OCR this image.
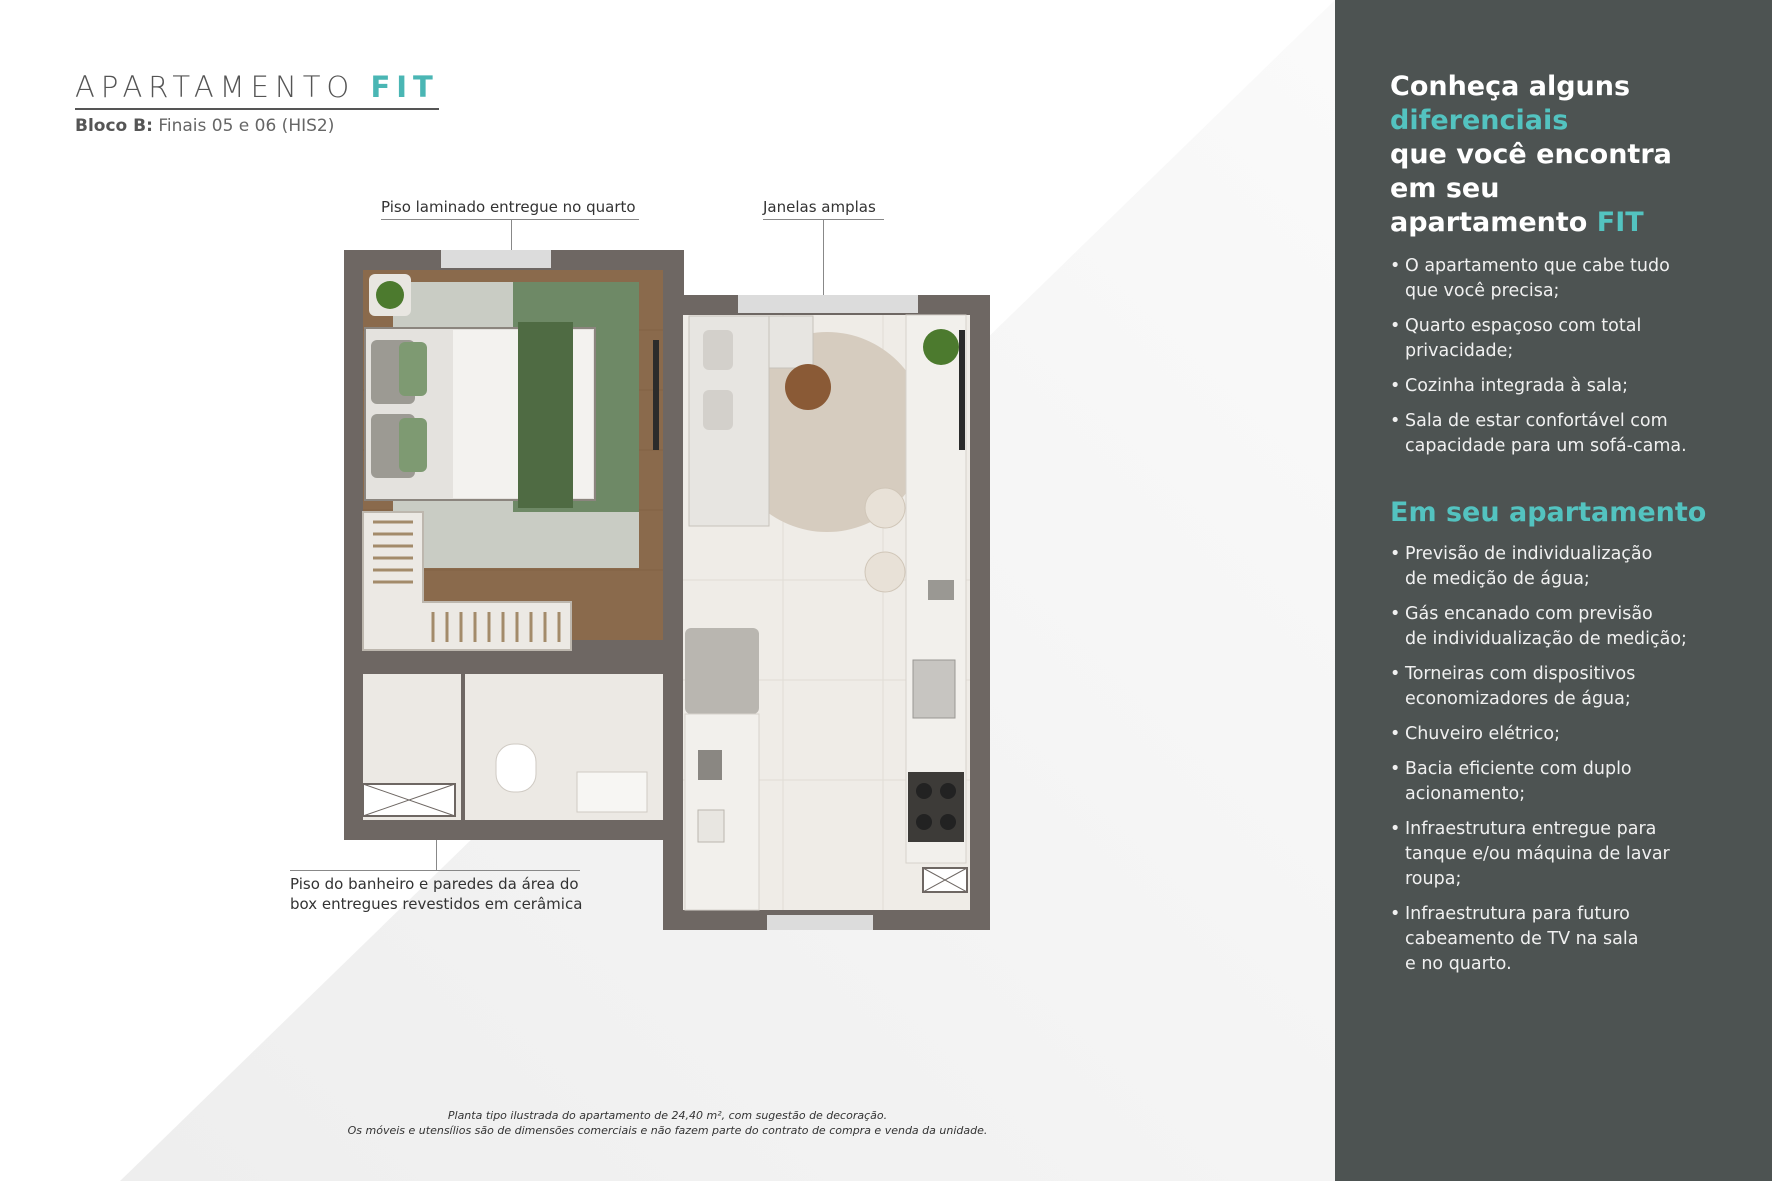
APARTAMENTO FIT
Bloco B: Finais 05 e 06 (HIS2)
Piso laminado entregue no quarto	Janelas amplas
Piso do banheiro e paredes da área do
box entregues revestidos em cerâmica
Planta tipo ilustrada do apartamento de 24,40 m², com sugestão de decoração.
Os móveis e utensílios são de dimensões comerciais e não fazem parte do contrato de compra e venda da unidade.
Conheça alguns
diferenciais
que você encontra
em seu
apartamento FIT
• O apartamento que cabe tudo
que você precisa;
• Quarto espaçoso com total
privacidade;
• Cozinha integrada à sala;
• Sala de estar confortável com
capacidade para um sofá-cama.
Em seu apartamento
• Previsão de individualização
de medição de água;
• Gás encanado com previsão
de individualização de medição;
• Torneiras com dispositivos
economizadores de água;
• Chuveiro elétrico;
• Bacia eficiente com duplo
acionamento;
• Infraestrutura entregue para
tanque e/ou máquina de lavar
roupa;
• Infraestrutura para futuro
cabeamento de TV na sala
e no quarto.
